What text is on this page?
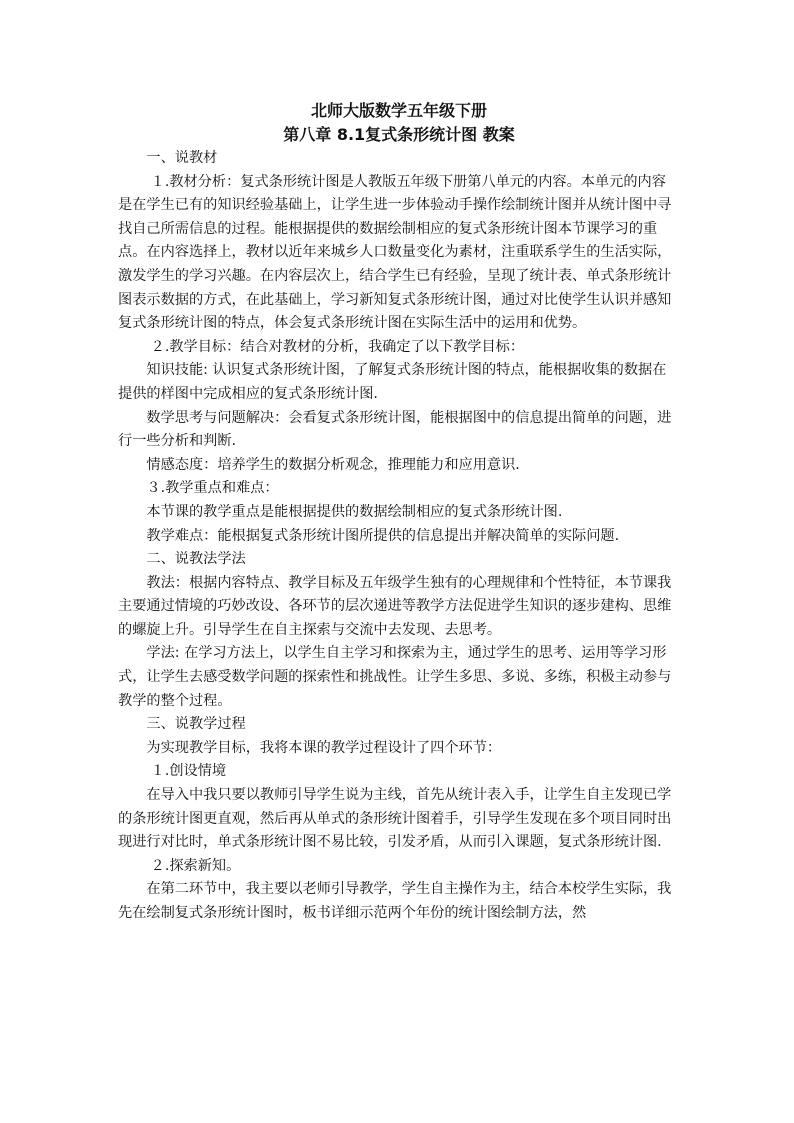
北师大版数学五年级下册

第八章 8.1复式条形统计图 教案

一、说教材

１.教材分析：复式条形统计图是人教版五年级下册第八单元的内容。本单元的内容是在学生已有的知识经验基础上，让学生进一步体验动手操作绘制统计图并从统计图中寻找自己所需信息的过程。能根据提供的数据绘制相应的复式条形统计图本节课学习的重点。在内容选择上，教材以近年来城乡人口数量变化为素材，注重联系学生的生活实际，激发学生的学习兴趣。在内容层次上，结合学生已有经验，呈现了统计表、单式条形统计图表示数据的方式，在此基础上，学习新知复式条形统计图，通过对比使学生认识并感知复式条形统计图的特点，体会复式条形统计图在实际生活中的运用和优势。

２.教学目标：结合对教材的分析，我确定了以下教学目标：

知识技能: 认识复式条形统计图，了解复式条形统计图的特点，能根据收集的数据在提供的样图中完成相应的复式条形统计图.

数学思考与问题解决：会看复式条形统计图，能根据图中的信息提出简单的问题，进行一些分析和判断.

情感态度：培养学生的数据分析观念，推理能力和应用意识.

３.教学重点和难点：

本节课的教学重点是能根据提供的数据绘制相应的复式条形统计图.

教学难点：能根据复式条形统计图所提供的信息提出并解决简单的实际问题.

二、说教法学法

教法：根据内容特点、教学目标及五年级学生独有的心理规律和个性特征，本节课我主要通过情境的巧妙改设、各环节的层次递进等教学方法促进学生知识的逐步建构、思维的螺旋上升。引导学生在自主探索与交流中去发现、去思考。

学法: 在学习方法上，以学生自主学习和探索为主，通过学生的思考、运用等学习形式，让学生去感受数学问题的探索性和挑战性。让学生多思、多说、多练，积极主动参与教学的整个过程。

三、说教学过程

为实现教学目标，我将本课的教学过程设计了四个环节：

１.创设情境

在导入中我只要以教师引导学生说为主线，首先从统计表入手，让学生自主发现已学的条形统计图更直观，然后再从单式的条形统计图着手，引导学生发现在多个项目同时出现进行对比时，单式条形统计图不易比较，引发矛盾，从而引入课题，复式条形统计图.

２.探索新知。

在第二环节中，我主要以老师引导教学，学生自主操作为主，结合本校学生实际，我先在绘制复式条形统计图时，板书详细示范两个年份的统计图绘制方法，然
